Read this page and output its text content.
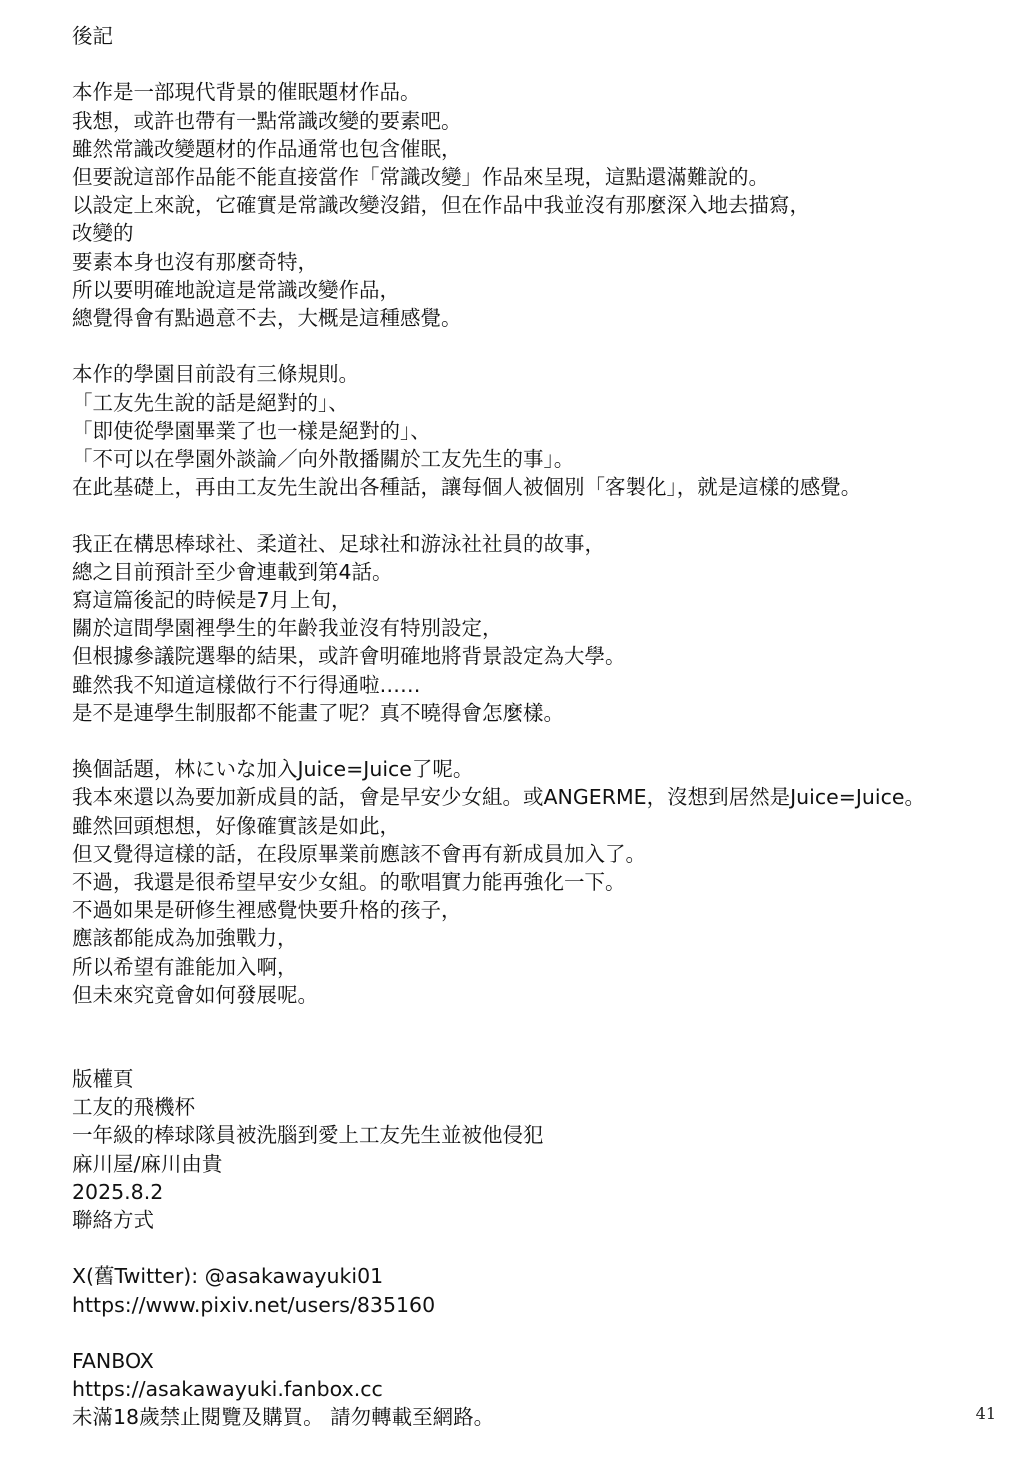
後記
本作是一部現代背景的催眠題材作品。
我想，或許也帶有一點常識改變的要素吧。
雖然常識改變題材的作品通常也包含催眠，
但要說這部作品能不能直接當作「常識改變」作品來呈現，這點還滿難說的。
以設定上來說，它確實是常識改變沒錯，但在作品中我並沒有那麼深入地去描寫，
改變的
要素本身也沒有那麼奇特，
所以要明確地說這是常識改變作品，
總覺得會有點過意不去，大概是這種感覺。
本作的學園目前設有三條規則。
「工友先生說的話是絕對的」、
「即使從學園畢業了也一樣是絕對的」、
「不可以在學園外談論／向外散播關於工友先生的事」。
在此基礎上，再由工友先生說出各種話，讓每個人被個別「客製化」，就是這樣的感覺。
我正在構思棒球社、柔道社、足球社和游泳社社員的故事，
總之目前預計至少會連載到第4話。
寫這篇後記的時候是7月上旬，
關於這間學園裡學生的年齡我並沒有特別設定，
但根據參議院選舉的結果，或許會明確地將背景設定為大學。
雖然我不知道這樣做行不行得通啦……
是不是連學生制服都不能畫了呢？真不曉得會怎麼樣。
換個話題，林にいな加入Juice=Juice了呢。
我本來還以為要加新成員的話，會是早安少女組。或ANGERME，沒想到居然是Juice=Juice。
雖然回頭想想，好像確實該是如此，
但又覺得這樣的話，在段原畢業前應該不會再有新成員加入了。
不過，我還是很希望早安少女組。的歌唱實力能再強化一下。
不過如果是研修生裡感覺快要升格的孩子，
應該都能成為加強戰力，
所以希望有誰能加入啊，
但未來究竟會如何發展呢。
版權頁
工友的飛機杯
一年級的棒球隊員被洗腦到愛上工友先生並被他侵犯
麻川屋/麻川由貴
2025.8.2
聯絡方式
X(舊Twitter): @asakawayuki01
https://www.pixiv.net/users/835160
FANBOX
https://asakawayuki.fanbox.cc
未滿18歲禁止閱覽及購買。 請勿轉載至網路。	41
